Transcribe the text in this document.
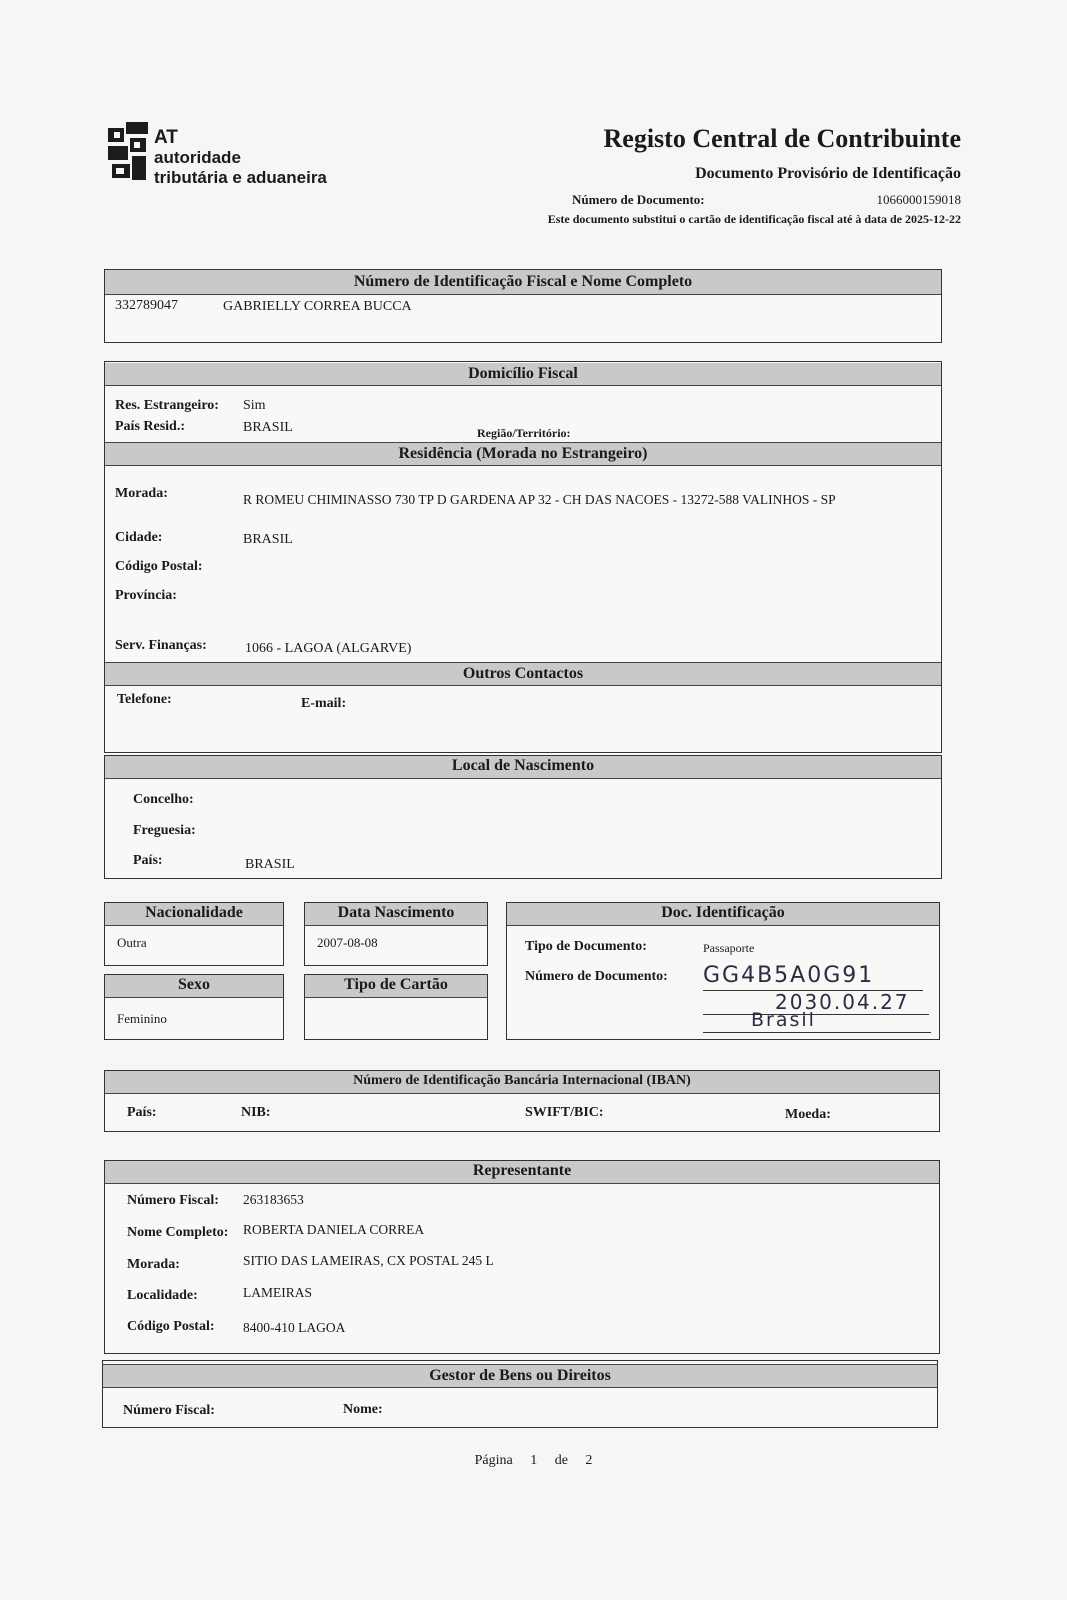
AT
autoridade
tributária e aduaneira
Registo Central de Contribuinte
Documento Provisório de Identificação
Número de Documento:	1066000159018
Este documento substitui o cartão de identificação fiscal até à data de 2025-12-22
Número de Identificação Fiscal e Nome Completo
332789047	GABRIELLY CORREA BUCCA
Domicílio Fiscal
Res. Estrangeiro: Sim
País Resid.:	BRASIL	Região/Território:
Residência (Morada no Estrangeiro)
Morada:	R ROMEU CHIMINASSO 730 TP D GARDENA AP 32 - CH DAS NACOES - 13272-588 VALINHOS - SP
Cidade:	BRASIL
Código Postal:
Província:
Serv. Finanças:	1066 - LAGOA (ALGARVE)
Outros Contactos
Telefone:	E-mail:
Local de Nascimento
Concelho:
Freguesia:
País:	BRASIL
Nacionalidade
Outra
Data Nascimento
2007-08-08
Sexo
Feminino
Tipo de Cartão
Doc. Identificação
Tipo de Documento:	Passaporte
Número de Documento: GG4B5A0G91
2030.04.27
Brasil
Número de Identificação Bancária Internacional (IBAN)
País:	NIB:	SWIFT/BIC:	Moeda:
Representante
Número Fiscal: 263183653
Nome Completo: ROBERTA DANIELA CORREA
Morada:	SITIO DAS LAMEIRAS, CX POSTAL 245 L
Localidade:	LAMEIRAS
Código Postal: 8400-410 LAGOA
Gestor de Bens ou Direitos
Número Fiscal:	Nome:
Página 1 de 2
